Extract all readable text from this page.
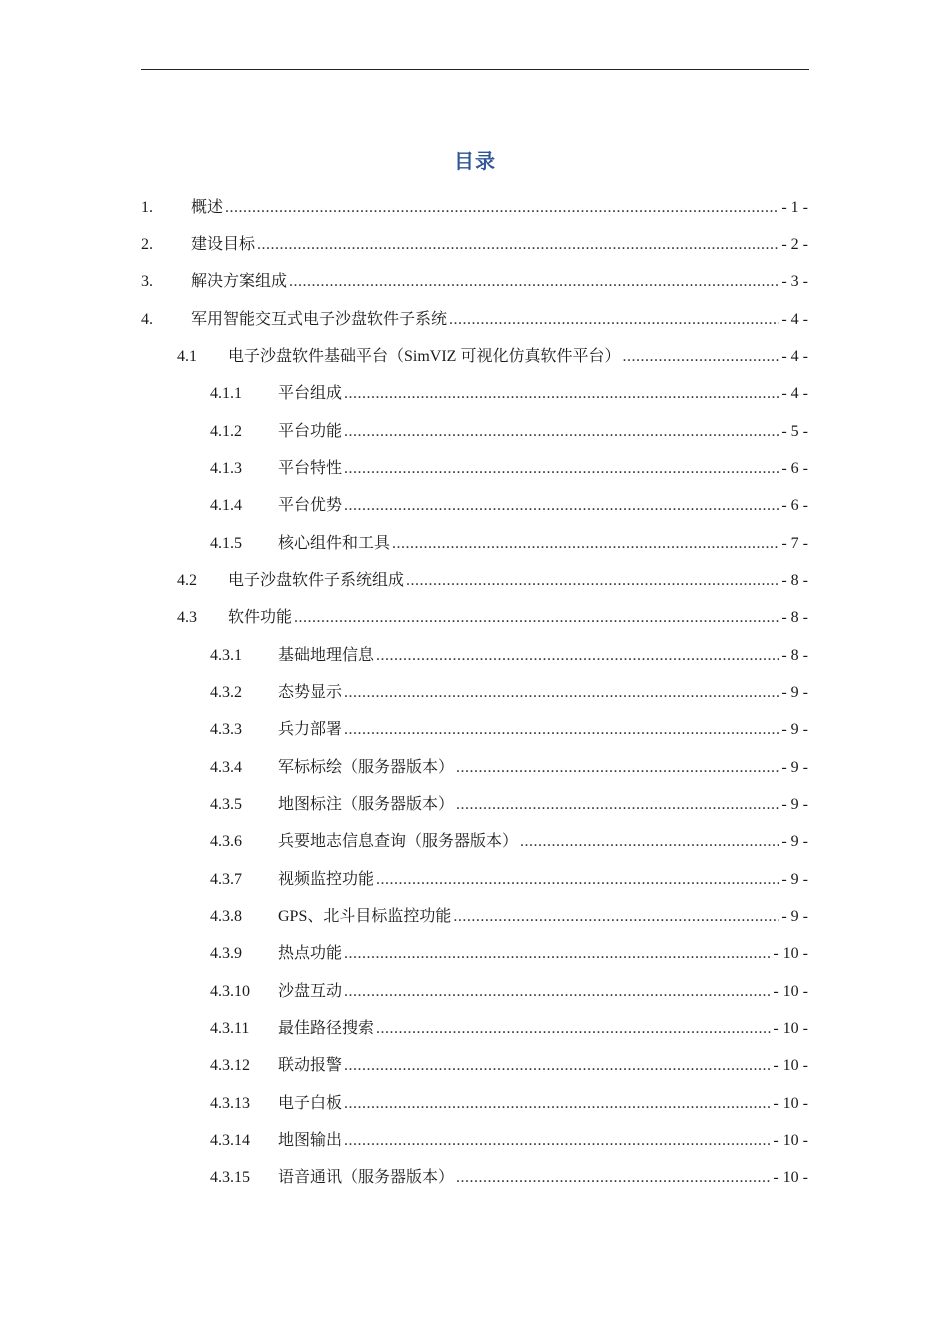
目录
1.	概述 .....	- 1 -
2.	建设目标 .....	- 2 -
3.	解决方案组成 .....	- 3 -
4.	军用智能交互式电子沙盘软件子系统 .....	- 4 -
4.1	电子沙盘软件基础平台（SimVIZ 可视化仿真软件平台） .....	- 4 -
4.1.1	平台组成 .....	- 4 -
4.1.2	平台功能 .....	- 5 -
4.1.3	平台特性 .....	- 6 -
4.1.4	平台优势 .....	- 6 -
4.1.5	核心组件和工具 .....	- 7 -
4.2	电子沙盘软件子系统组成 .....	- 8 -
4.3	软件功能 .....	- 8 -
4.3.1	基础地理信息 .....	- 8 -
4.3.2	态势显示 .....	- 9 -
4.3.3	兵力部署 .....	- 9 -
4.3.4	军标标绘（服务器版本） .....	- 9 -
4.3.5	地图标注（服务器版本） .....	- 9 -
4.3.6	兵要地志信息查询（服务器版本） .....	- 9 -
4.3.7	视频监控功能 .....	- 9 -
4.3.8	GPS、北斗目标监控功能 .....	- 9 -
4.3.9	热点功能 .....	- 10 -
4.3.10	沙盘互动 .....	- 10 -
4.3.11	最佳路径搜索 .....	- 10 -
4.3.12	联动报警 .....	- 10 -
4.3.13	电子白板 .....	- 10 -
4.3.14	地图输出 .....	- 10 -
4.3.15	语音通讯（服务器版本） .....	- 10 -
